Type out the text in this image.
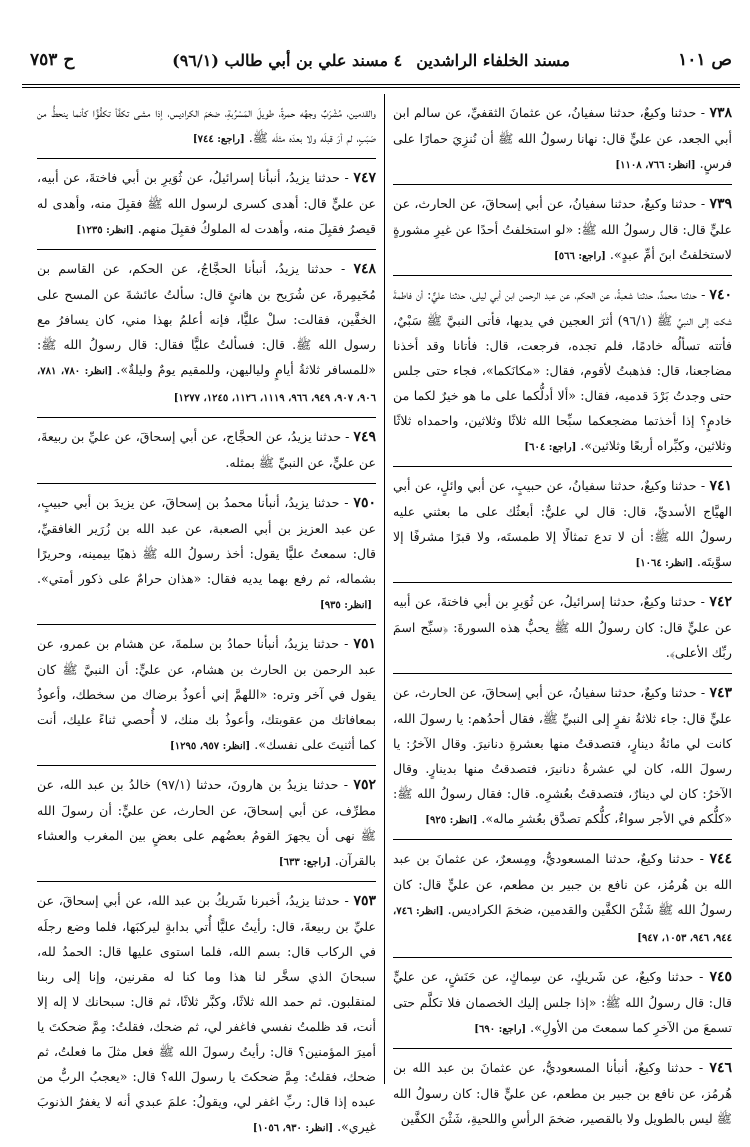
ص ١٠١
مسند الخلفاء الراشدين
٤ مسند علي بن أبي طالب (٩٦/١)
ح ٧٥٣

٧٣٨ - حدثنا وكيعٌ، حدثنا سفيانُ، عن عثمانَ الثقفيِّ، عن سالم ابن أبي الجعد، عن عليٍّ قال: نهانا رسولُ الله ﷺ أن نُنزِيَ حمارًا على فرسٍ.[انظر: ٧٦٦، ١١٠٨]

٧٣٩ - حدثنا وكيعٌ، حدثنا سفيانُ، عن أبي إسحاقَ، عن الحارث، عن عليٍّ قال: قال رسولُ الله ﷺ: «لو استخلفتُ أحدًا عن غيرِ مشورةٍ لاستخلفتُ ابنَ أمِّ عبدٍ».[راجع: ٥٦٦]

٧٤٠ - حدثنا محمدٌ، حدثنا شعبةُ، عن الحكم، عن عبد الرحمن ابن أبي ليلى، حدثنا عليٌّ: أن فاطمةَ شكت إلى النبيِّ ﷺ (٩٦/١) أثرَ العجين في يديها، فأتى النبيَّ ﷺ سَبْيٌ، فأتته تسألُه خادمًا، فلم تجده، فرجعت، قال: فأتانا وقد أخذنا مضاجعنا، قال: فذهبتُ لأقوم، فقال: «مكانَكما»، فجاء حتى جلس حتى وجدتُ بَرْدَ قدميه، فقال: «ألا أدلُّكما على ما هو خيرٌ لكما من خادمٍ؟ إذا أخذتما مضجعكما سبِّحا الله ثلاثًا وثلاثين، واحمداه ثلاثًا وثلاثين، وكبِّراه أربعًا وثلاثين».[راجع: ٦٠٤]

٧٤١ - حدثنا وكيعٌ، حدثنا سفيانُ، عن حبيبٍ، عن أبي وائلٍ، عن أبي الهيَّاج الأسديِّ، قال: قال لي عليٌّ: أبعثُك على ما بعثني عليه رسولُ الله ﷺ: أن لا تدع تمثالًا إلا طمستَه، ولا قبرًا مشرفًا إلا سوَّيتَه.[انظر: ١٠٦٤]

٧٤٢ - حدثنا وكيعٌ، حدثنا إسرائيلُ، عن ثُوَيرِ بن أبي فاختةَ، عن أبيه عن عليٍّ قال: كان رسولُ الله ﷺ يحبُّ هذه السورةَ: ﴿سبِّح اسمَ ربِّك الأعلى﴾.

٧٤٣ - حدثنا وكيعٌ، حدثنا سفيانُ، عن أبي إسحاقَ، عن الحارث، عن عليٍّ قال: جاء ثلاثةُ نفرٍ إلى النبيِّ ﷺ، فقال أحدُهم: يا رسولَ الله، كانت لي مائةُ دينارٍ، فتصدقتُ منها بعشرةِ دنانيرَ. وقال الآخرُ: يا رسولَ الله، كان لي عشرةُ دنانيرَ، فتصدقتُ منها بدينارٍ. وقال الآخرُ: كان لي دينارٌ، فتصدقتُ بعُشرِه. قال: فقال رسولُ الله ﷺ: «كلُّكم في الأجر سواءٌ، كلُّكم تصدَّق بعُشرِ ماله».[انظر: ٩٢٥]

٧٤٤ - حدثنا وكيعٌ، حدثنا المسعوديُّ، ومِسعرٌ، عن عثمانَ بن عبد الله بن هُرمُز، عن نافع بن جبير بن مطعم، عن عليٍّ قال: كان رسولُ الله ﷺ شَثْنَ الكفَّين والقدمين، ضخمَ الكراديس.[انظر: ٧٤٦، ٩٤٤، ٩٤٦، ١٠٥٣، ٩٤٧]

٧٤٥ - حدثنا وكيعٌ، عن شَريكٍ، عن سِماكٍ، عن حَنَشٍ، عن عليٍّ قال: قال رسولُ الله ﷺ: «إذا جلس إليك الخصمان فلا تكلَّم حتى تسمعَ من الآخرِ كما سمعتَ من الأولِ».[راجع: ٦٩٠]

٧٤٦ - حدثنا وكيعٌ، أنبأنا المسعوديُّ، عن عثمانَ بن عبد الله بن هُرمُز، عن نافع بن جبير بن مطعم، عن عليٍّ قال: كان رسولُ الله ﷺ ليس بالطويل ولا بالقصير، ضخمَ الرأسِ واللحيةِ، شَثْنَ الكفَّين

والقدمين، مُشْرَبٌ وجهُه حمرةً، طويلَ المَسْرُبةِ، ضخمَ الكراديس، إذا مشى تكفَّأ تكفُّؤًا كأنما ينحطُّ من صَبَبٍ، لم أرَ قبلَه ولا بعدَه مثلَه ﷺ.[راجع: ٧٤٤]

٧٤٧ - حدثنا يزيدُ، أنبأنا إسرائيلُ، عن ثُوَيرِ بن أبي فاختةَ، عن أبيه، عن عليٍّ قال: أهدى كسرى لرسول الله ﷺ فقبِلَ منه، وأهدى له قيصرُ فقبِلَ منه، وأهدت له الملوكُ فقبِلَ منهم.[انظر: ١٢٣٥]

٧٤٨ - حدثنا يزيدُ، أنبأنا الحجَّاجُ، عن الحكم، عن القاسم بن مُخَيمِرةَ، عن شُرَيح بن هانئٍ قال: سألتُ عائشةَ عن المسح على الخفَّين، فقالت: سلْ عليًّا، فإنه أعلمُ بهذا مني، كان يسافرُ مع رسول الله ﷺ. قال: فسألتُ عليًّا فقال: قال رسولُ الله ﷺ: «للمسافر ثلاثةُ أيامٍ ولياليهن، وللمقيم يومٌ وليلةٌ».[انظر: ٧٨٠، ٧٨١، ٩٠٦، ٩٠٧، ٩٤٩، ٩٦٦، ١١١٩، ١١٢٦، ١٢٤٥، ١٢٧٧]

٧٤٩ - حدثنا يزيدُ، عن الحجَّاج، عن أبي إسحاقَ، عن عليِّ بن ربيعةَ، عن عليٍّ، عن النبيِّ ﷺ بمثله.

٧٥٠ - حدثنا يزيدُ، أنبأنا محمدُ بن إسحاقَ، عن يزيدَ بن أبي حبيبٍ، عن عبد العزيز بن أبي الصعبة، عن عبد الله بن زُرَير الغافقيِّ، قال: سمعتُ عليًّا يقول: أخذ رسولُ الله ﷺ ذهبًا بيمينه، وحريرًا بشماله، ثم رفع بهما يديه فقال: «هذان حرامٌ على ذكور أمتي».[انظر: ٩٣٥]

٧٥١ - حدثنا يزيدُ، أنبأنا حمادُ بن سلمةَ، عن هشام بن عمرو، عن عبد الرحمن بن الحارث بن هشام، عن عليٍّ: أن النبيَّ ﷺ كان يقول في آخر وتره: «اللهمَّ إني أعوذُ برضاك من سخطك، وأعوذُ بمعافاتك من عقوبتك، وأعوذُ بك منك، لا أُحصي ثناءً عليك، أنت كما أثنيتَ على نفسك».[انظر: ٩٥٧، ١٢٩٥]

٧٥٢ - حدثنا يزيدُ بن هارونَ، حدثنا (٩٧/١) خالدُ بن عبد الله، عن مطرِّف، عن أبي إسحاقَ، عن الحارث، عن عليٍّ: أن رسولَ الله ﷺ نهى أن يجهرَ القومُ بعضُهم على بعضٍ بين المغرب والعشاء بالقرآن.[راجع: ٦٣٣]

٧٥٣ - حدثنا يزيدُ، أخبرنا شَريكُ بن عبد الله، عن أبي إسحاقَ، عن عليِّ بن ربيعةَ، قال: رأيتُ عليًّا أُتي بدابةٍ ليركبَها، فلما وضع رجلَه في الركاب قال: بسم الله، فلما استوى عليها قال: الحمدُ لله، سبحانَ الذي سخَّر لنا هذا وما كنا له مقرنين، وإنا إلى ربنا لمنقلبون. ثم حمد الله ثلاثًا، وكبَّر ثلاثًا، ثم قال: سبحانك لا إله إلا أنت، قد ظلمتُ نفسي فاغفر لي، ثم ضحك، فقلتُ: مِمَّ ضحكتَ يا أميرَ المؤمنين؟ قال: رأيتُ رسولَ الله ﷺ فعل مثلَ ما فعلتُ، ثم ضحك، فقلتُ: مِمَّ ضحكتَ يا رسولَ الله؟ قال: «يعجبُ الربُّ من عبده إذا قال: ربِّ اغفر لي، ويقولُ: علمَ عبدي أنه لا يغفرُ الذنوبَ غيري».[انظر: ٩٣٠، ١٠٥٦]
